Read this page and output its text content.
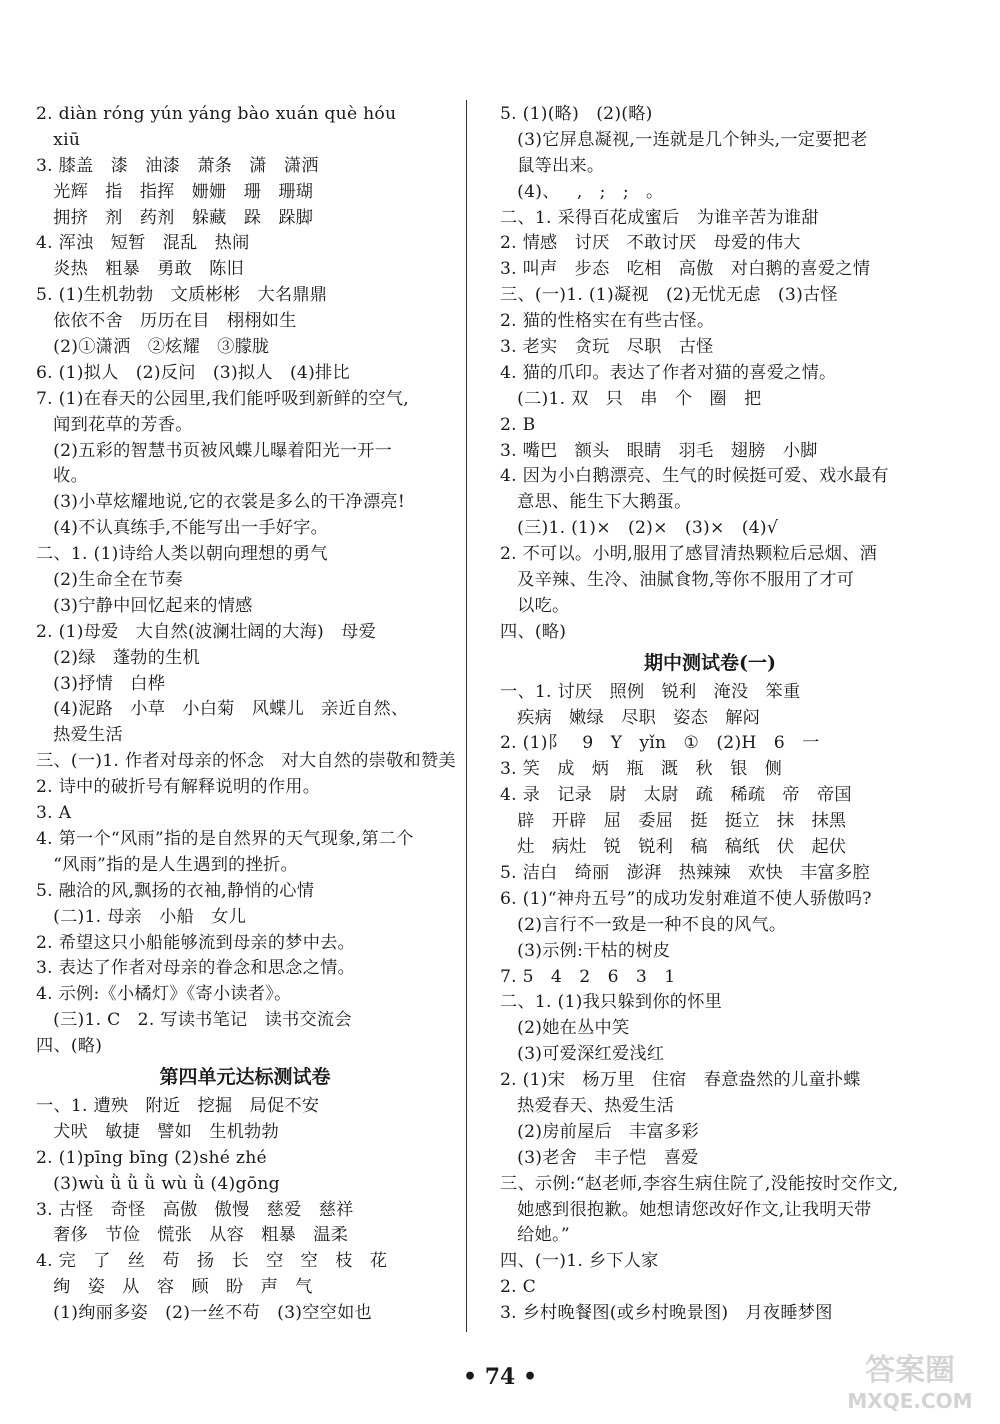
2. diàn róng yún yáng bào xuán què hóu
xiū
3. 膝盖   漆   油漆   萧条   潇   潇洒
光辉   指   指挥   姗姗   珊   珊瑚
拥挤   剂   药剂   躲藏   跺   跺脚
4. 浑浊   短暂   混乱   热闹
炎热   粗暴   勇敢   陈旧
5. (1)生机勃勃   文质彬彬   大名鼎鼎
依依不舍   历历在目   栩栩如生
(2)①潇洒   ②炫耀   ③朦胧
6. (1)拟人   (2)反问   (3)拟人   (4)排比
7. (1)在春天的公园里,我们能呼吸到新鲜的空气,
闻到花草的芳香。
(2)五彩的智慧书页被风蝶儿曝着阳光一开一
收。
(3)小草炫耀地说,它的衣裳是多么的干净漂亮!
(4)不认真练手,不能写出一手好字。
二、1. (1)诗给人类以朝向理想的勇气
(2)生命全在节奏
(3)宁静中回忆起来的情感
2. (1)母爱   大自然(波澜壮阔的大海)   母爱
(2)绿   蓬勃的生机
(3)抒情   白桦
(4)泥路   小草   小白菊   风蝶儿   亲近自然、
热爱生活
三、(一)1. 作者对母亲的怀念   对大自然的崇敬和赞美
2. 诗中的破折号有解释说明的作用。
3. A
4. 第一个“风雨”指的是自然界的天气现象,第二个
“风雨”指的是人生遇到的挫折。
5. 融洽的风,飘扬的衣袖,静悄的心情
(二)1. 母亲   小船   女儿
2. 希望这只小船能够流到母亲的梦中去。
3. 表达了作者对母亲的眷念和思念之情。
4. 示例:《小橘灯》《寄小读者》。
(三)1. C   2. 写读书笔记   读书交流会
四、(略)
第四单元达标测试卷
一、1. 遭殃   附近   挖掘   局促不安
犬吠   敏捷   譬如   生机勃勃
2. (1)pīng bīng (2)shé zhé
(3)wù ǜ ǜ ǜ wù ǜ (4)gōng
3. 古怪   奇怪   高傲   傲慢   慈爱   慈祥
奢侈   节俭   慌张   从容   粗暴   温柔
4. 完   了   丝   苟   扬   长   空   空   枝   花
绚   姿   从   容   顾   盼   声   气
(1)绚丽多姿   (2)一丝不苟   (3)空空如也
5. (1)(略)   (2)(略)
(3)它屏息凝视,一连就是几个钟头,一定要把老
鼠等出来。
(4)、   ,   ;   ;   。
二、1. 采得百花成蜜后   为谁辛苦为谁甜
2. 情感   讨厌   不敢讨厌   母爱的伟大
3. 叫声   步态   吃相   高傲   对白鹅的喜爱之情
三、(一)1. (1)凝视   (2)无忧无虑   (3)古怪
2. 猫的性格实在有些古怪。
3. 老实   贪玩   尽职   古怪
4. 猫的爪印。表达了作者对猫的喜爱之情。
(二)1. 双   只   串   个   圈   把
2. B
3. 嘴巴   额头   眼睛   羽毛   翅膀   小脚
4. 因为小白鹅漂亮、生气的时候挺可爱、戏水最有
意思、能生下大鹅蛋。
(三)1. (1)×   (2)×   (3)×   (4)√
2. 不可以。小明,服用了感冒清热颗粒后忌烟、酒
及辛辣、生冷、油腻食物,等你不服用了才可
以吃。
四、(略)
期中测试卷(一)
一、1. 讨厌   照例   锐利   淹没   笨重
疾病   嫩绿   尽职   姿态   解闷
2. (1)阝   9   Y   yǐn   ①   (2)H   6   一
3. 笑   成   炳   瓶   溉   秋   银   侧
4. 录   记录   尉   太尉   疏   稀疏   帝   帝国
辟   开辟   屈   委屈   挺   挺立   抹   抹黑
灶   病灶   锐   锐利   稿   稿纸   伏   起伏
5. 洁白   绮丽   澎湃   热辣辣   欢快   丰富多腔
6. (1)“神舟五号”的成功发射难道不使人骄傲吗?
(2)言行不一致是一种不良的风气。
(3)示例:干枯的树皮
7. 5   4   2   6   3   1
二、1. (1)我只躲到你的怀里
(2)她在丛中笑
(3)可爱深红爱浅红
2. (1)宋   杨万里   住宿   春意盎然的儿童扑蝶
热爱春天、热爱生活
(2)房前屋后   丰富多彩
(3)老舍   丰子恺   喜爱
三、示例:“赵老师,李容生病住院了,没能按时交作文,
她感到很抱歉。她想请您改好作文,让我明天带
给她。”
四、(一)1. 乡下人家
2. C
3. 乡村晚餐图(或乡村晚景图)   月夜睡梦图
• 74 •	答案圈
MXQE.COM
